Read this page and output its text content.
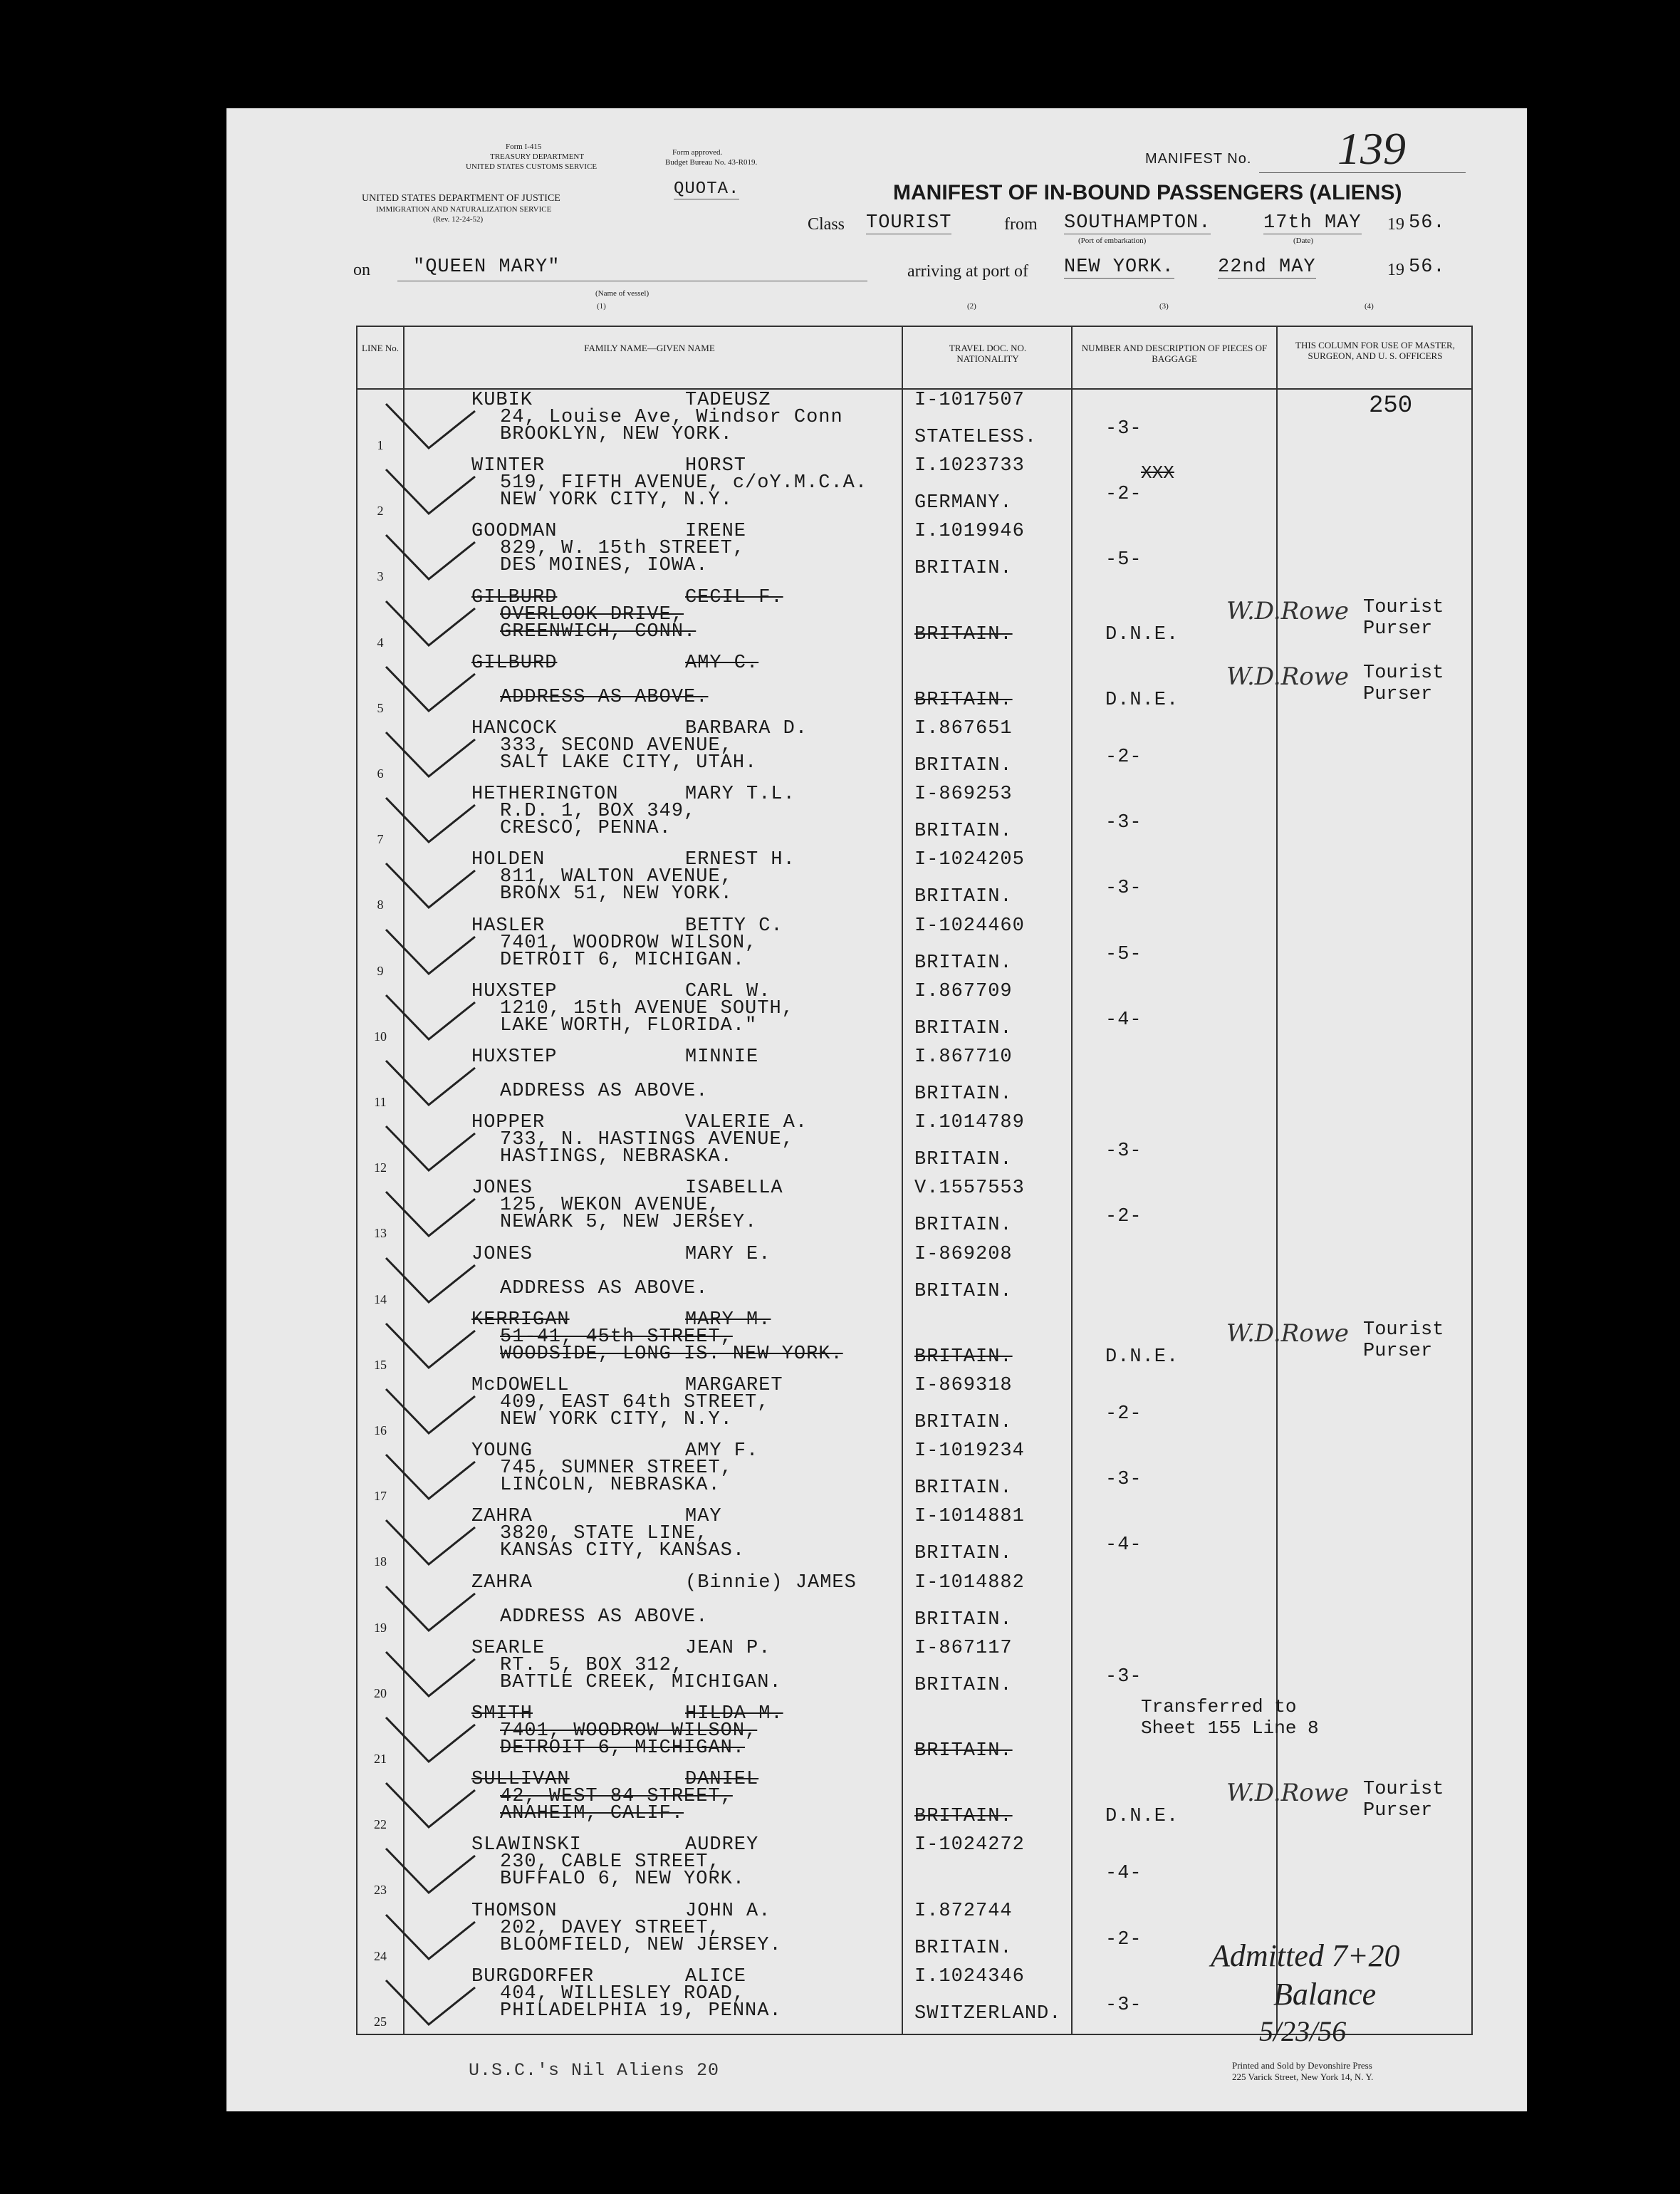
Form I-415
TREASURY DEPARTMENT
UNITED STATES CUSTOMS SERVICE
UNITED STATES DEPARTMENT OF JUSTICE
IMMIGRATION AND NATURALIZATION SERVICE
(Rev. 12-24-52)
Form approved.
Budget Bureau No. 43-R019.
QUOTA.
MANIFEST No. 139
MANIFEST OF IN-BOUND PASSENGERS (ALIENS)
Class TOURIST	from SOUTHAMPTON.
(Port of embarkation)
17th MAY
(Date)
19 56.
on "QUEEN MARY"
(Name of vessel)
arriving at port of NEW YORK. 22nd MAY	19 56.
(1)	(2)	(3)	(4)
LINE No.	FAMILY NAME—GIVEN NAME	TRAVEL DOC. NO. NATIONALITY
NUMBER AND DESCRIPTION OF PIECES OF BAGGAGE
THIS COLUMN FOR USE OF MASTER, SURGEON, AND U. S. OFFICERS
1
KUBIK	TADEUSZ
24, Louise Ave, Windsor Conn
BROOKLYN, NEW YORK.
I-1017507
STATELESS.	-3-
250
2
WINTER	HORST
519, FIFTH AVENUE, c/oY.M.C.A.
NEW YORK CITY, N.Y.
I.1023733
GERMANY.	-2-
XXX
3
GOODMAN	IRENE
829, W. 15th STREET,
DES MOINES, IOWA.
I.1019946
BRITAIN.	-5-
4
GILBURD	CECIL F.
OVERLOOK DRIVE,
GREENWICH, CONN.	BRITAIN.	D.N.E.
W.D.Rowe Tourist
Purser
5
GILBURD	AMY C.
ADDRESS AS ABOVE.	BRITAIN.	D.N.E.
W.D.Rowe Tourist
Purser
6
HANCOCK	BARBARA D.
333, SECOND AVENUE,
SALT LAKE CITY, UTAH.
I.867651
BRITAIN.	-2-
7
HETHERINGTON	MARY T.L.
R.D. 1, BOX 349,
CRESCO, PENNA.
I-869253
BRITAIN.	-3-
8
HOLDEN	ERNEST H.
811, WALTON AVENUE,
BRONX 51, NEW YORK.
I-1024205
BRITAIN.	-3-
9
HASLER	BETTY C.
7401, WOODROW WILSON,
DETROIT 6, MICHIGAN.
I-1024460
BRITAIN.	-5-
10
HUXSTEP	CARL W.
1210, 15th AVENUE SOUTH,
LAKE WORTH, FLORIDA."
I.867709
BRITAIN.	-4-
11
HUXSTEP	MINNIE
ADDRESS AS ABOVE.
I.867710
BRITAIN.
12
HOPPER	VALERIE A.
733, N. HASTINGS AVENUE,
HASTINGS, NEBRASKA.
I.1014789
BRITAIN.	-3-
13
JONES	ISABELLA
125, WEKON AVENUE,
NEWARK 5, NEW JERSEY.
V.1557553
BRITAIN.	-2-
14
JONES	MARY E.
ADDRESS AS ABOVE.
I-869208
BRITAIN.
15
KERRIGAN	MARY M.
51-41, 45th STREET,
WOODSIDE, LONG IS. NEW YORK.	BRITAIN.	D.N.E.
W.D.Rowe Tourist
Purser
16
McDOWELL	MARGARET
409, EAST 64th STREET,
NEW YORK CITY, N.Y.
I-869318
BRITAIN.	-2-
17
YOUNG	AMY F.
745, SUMNER STREET,
LINCOLN, NEBRASKA.
I-1019234
BRITAIN.	-3-
18
ZAHRA	MAY
3820, STATE LINE,
KANSAS CITY, KANSAS.
I-1014881
BRITAIN.	-4-
19
ZAHRA	(Binnie) JAMES
ADDRESS AS ABOVE.
I-1014882
BRITAIN.
20
SEARLE	JEAN P.
RT. 5, BOX 312,
BATTLE CREEK, MICHIGAN.
I-867117
BRITAIN.	-3-
21
SMITH	HILDA M.
7401, WOODROW WILSON,
DETROIT 6, MICHIGAN.	BRITAIN.
Transferred to
Sheet 155 Line 8
22
SULLIVAN	DANIEL
42, WEST 84 STREET,
ANAHEIM, CALIF.	BRITAIN.	D.N.E.
W.D.Rowe Tourist
Purser
23
SLAWINSKI	AUDREY
230, CABLE STREET,
BUFFALO 6, NEW YORK.
I-1024272
-4-
24
THOMSON	JOHN A.
202, DAVEY STREET,
BLOOMFIELD, NEW JERSEY.
I.872744
BRITAIN.	-2-
25
BURGDORFER	ALICE
404, WILLESLEY ROAD,
PHILADELPHIA 19, PENNA.
I.1024346
SWITZERLAND. -3-
U.S.C.'s Nil Aliens 20	Printed and Sold by Devonshire Press
225 Varick Street, New York 14, N. Y.
Admitted 7+20
Balance
5/23/56
